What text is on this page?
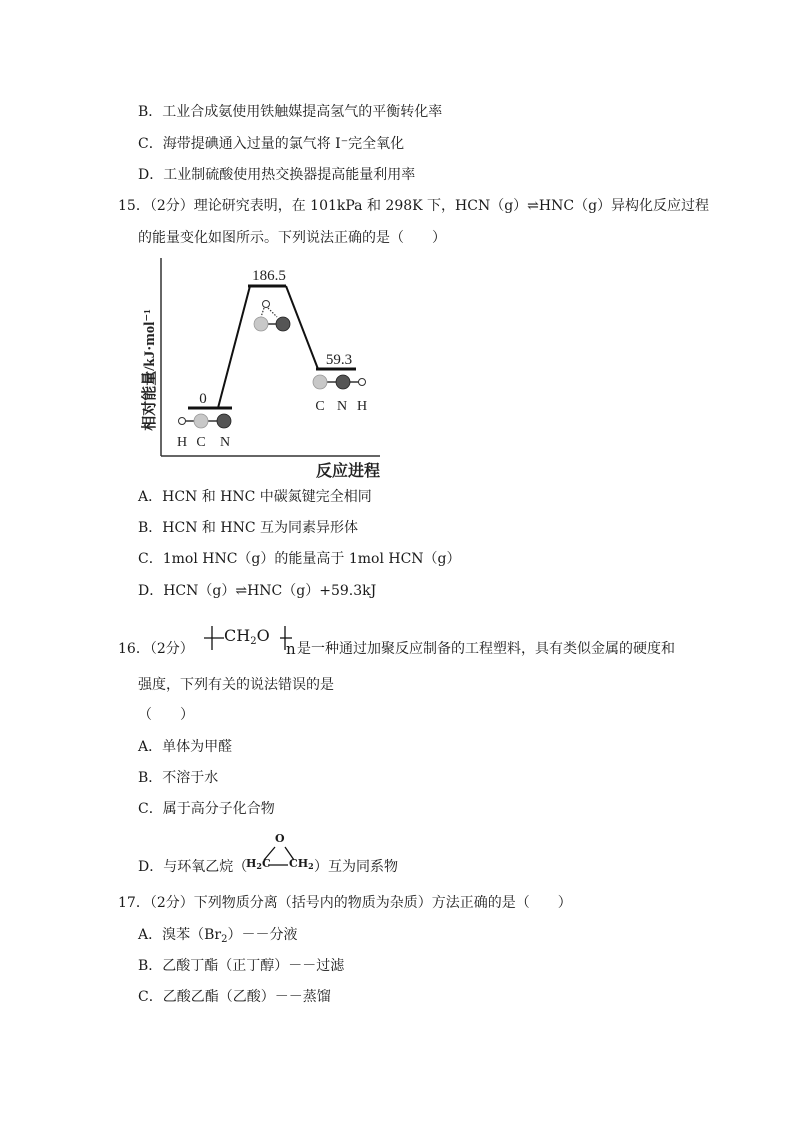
B．工业合成氨使用铁触媒提高氢气的平衡转化率
C．海带提碘通入过量的氯气将 I⁻完全氧化
D．工业制硫酸使用热交换器提高能量利用率
15．（2分）理论研究表明，在 101kPa 和 298K 下，HCN（g）⇌HNC（g）异构化反应过程
的能量变化如图所示。下列说法正确的是（　　）
相对能量/kJ·mol⁻¹
反应进程
0
186.5
59.3
H C N
C N H
A．HCN 和 HNC 中碳氮键完全相同
B．HCN 和 HNC 互为同素异形体
C．1mol HNC（g）的能量高于 1mol HCN（g）
D．HCN（g）⇌HNC（g）+59.3kJ
16．（2分）
$CH_2O$
n 是一种通过加聚反应制备的工程塑料，具有类似金属的硬度和
强度，下列有关的说法错误的是
（　　）
A．单体为甲醛
B．不溶于水
C．属于高分子化合物
D．与环氧乙烷（
O
H2C CH2 ）互为同系物
17．（2分）下列物质分离（括号内的物质为杂质）方法正确的是（　　）
A．溴苯$(Br_2)--$分液
B．乙酸丁酯（正丁醇）－－过滤
C．乙酸乙酯（乙酸）－－蒸馏
